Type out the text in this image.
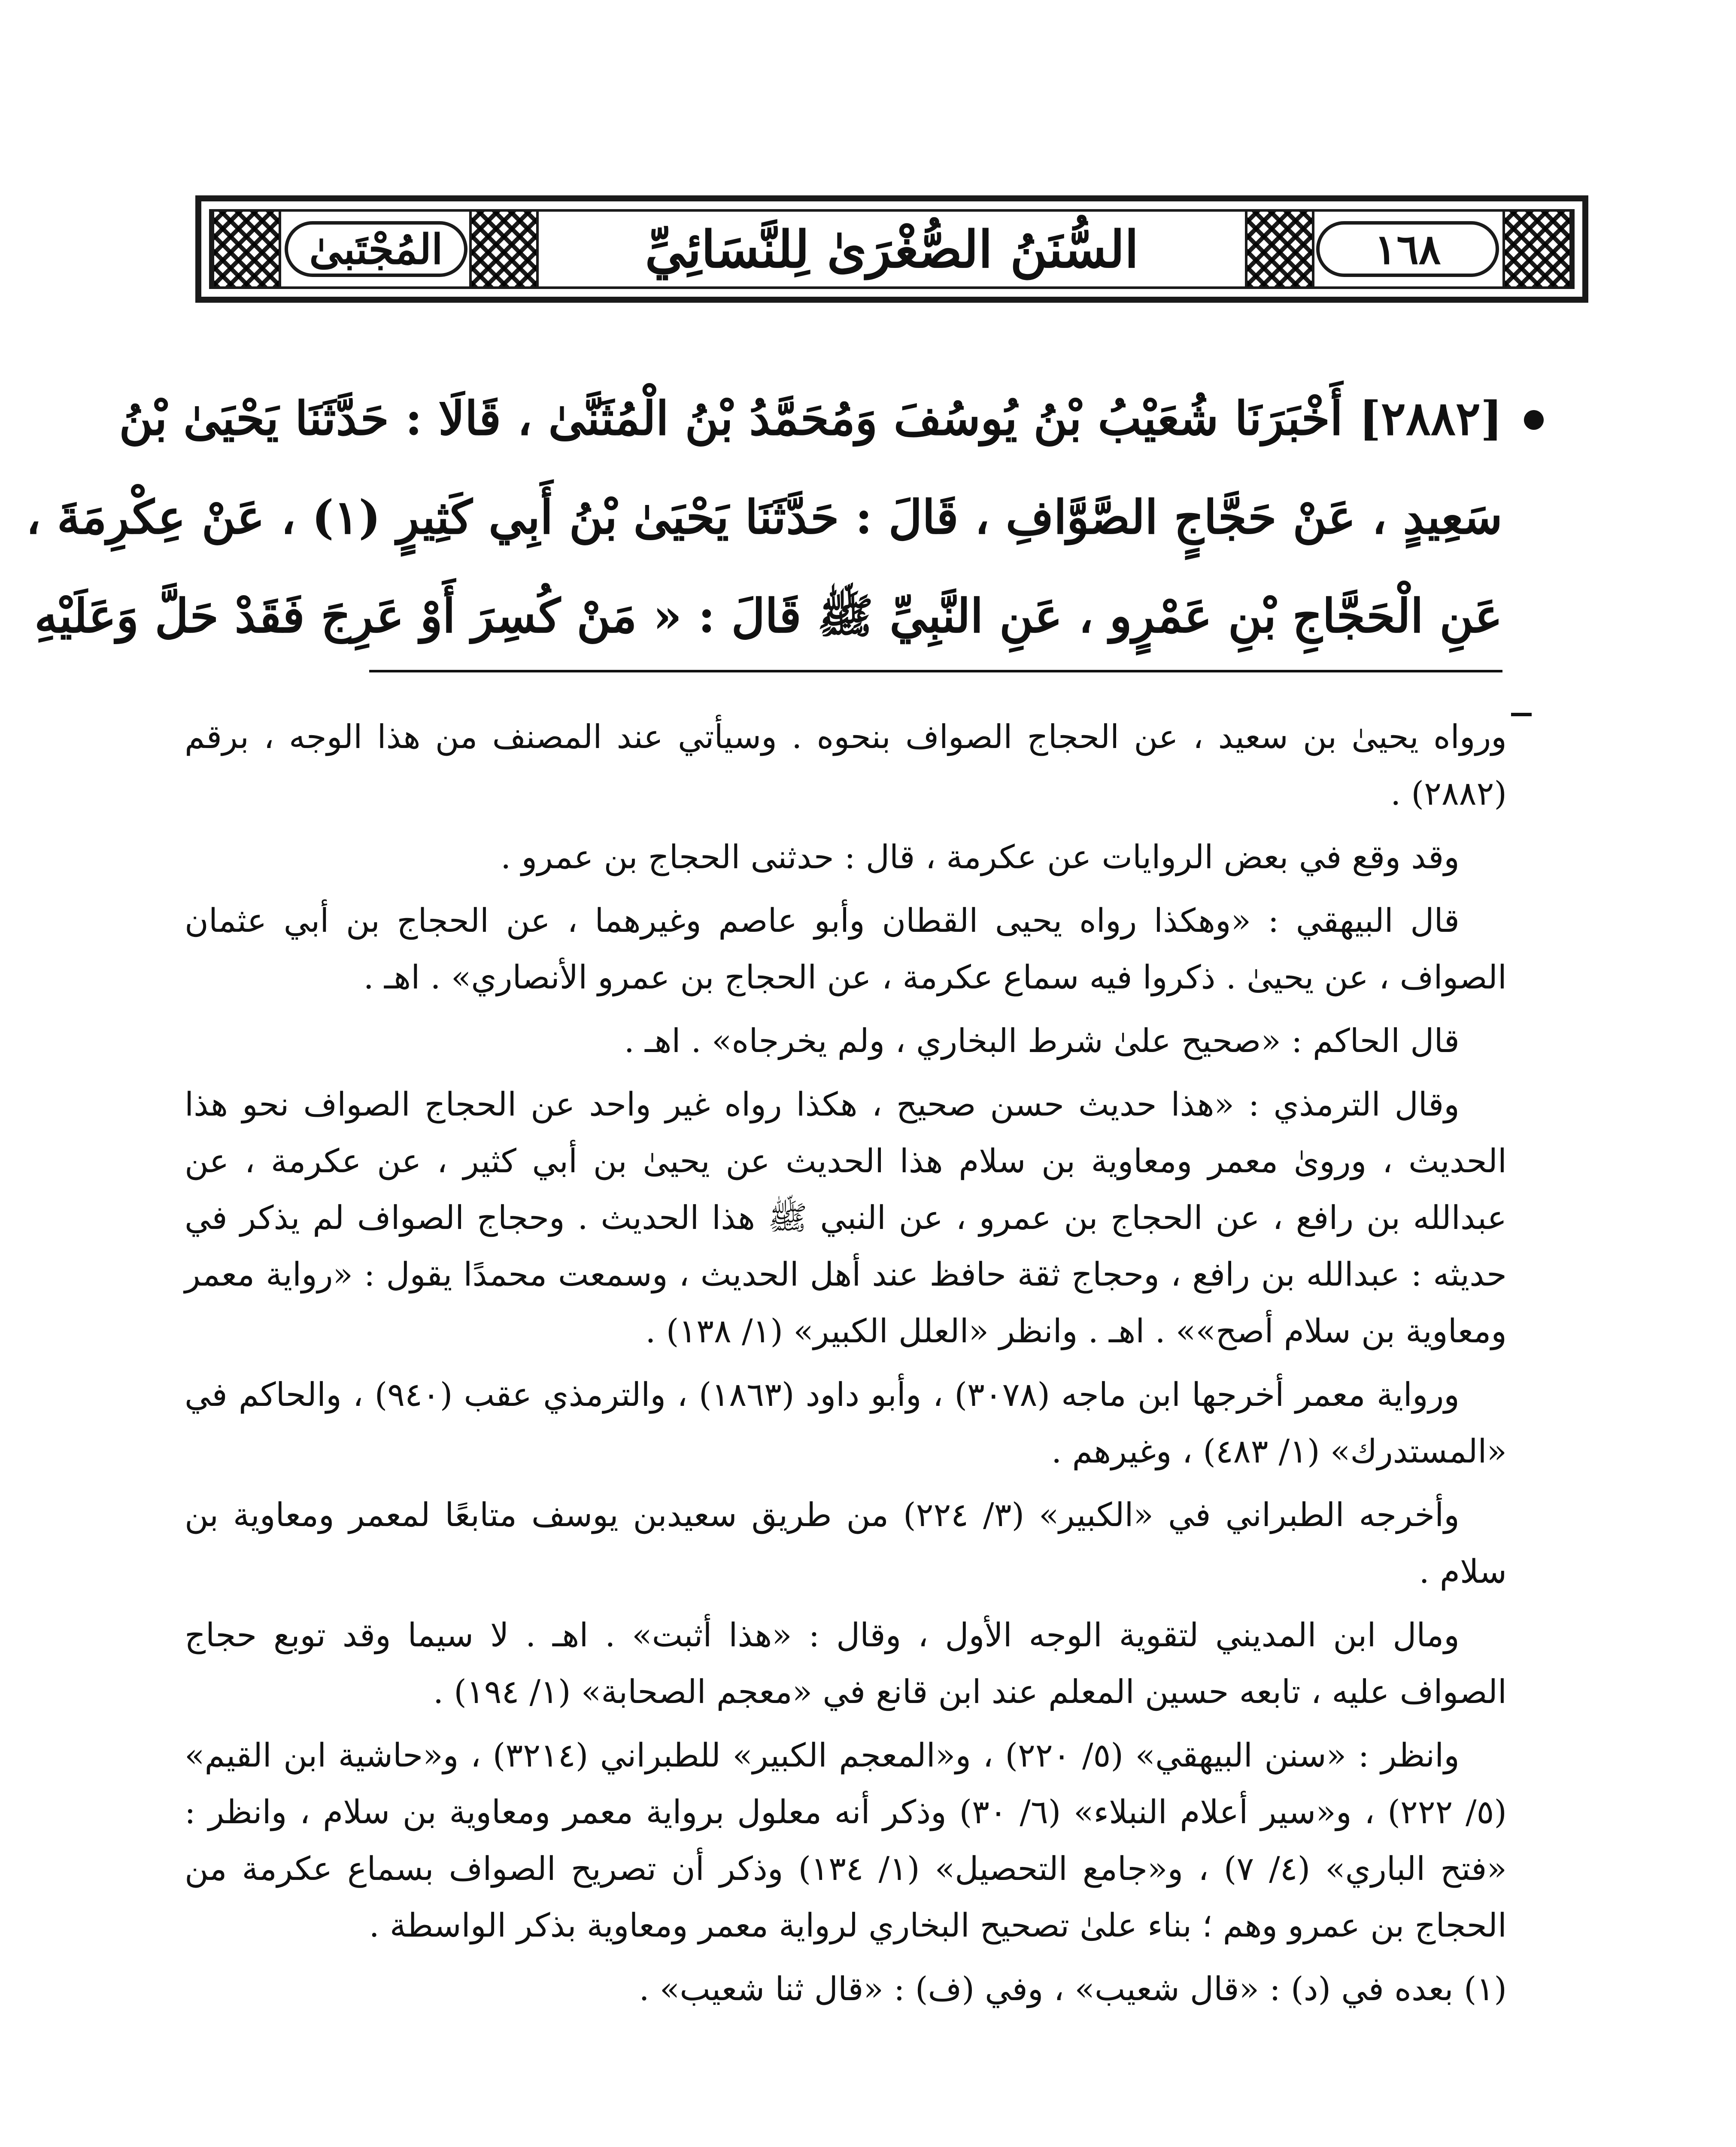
المُجْتَبىٰ	السُّنَنُ الصُّغْرَىٰ لِلنَّسَائِيِّ	١٦٨

[٢٨٨٢] أَخْبَرَنَا شُعَيْبُ بْنُ يُوسُفَ وَمُحَمَّدُ بْنُ الْمُثَنَّىٰ ، قَالَا : حَدَّثَنَا يَحْيَىٰ بْنُ

سَعِيدٍ ، عَنْ حَجَّاجٍ الصَّوَّافِ ، قَالَ : حَدَّثَنَا يَحْيَىٰ بْنُ أَبِي كَثِيرٍ (١) ، عَنْ عِكْرِمَةَ ،

عَنِ الْحَجَّاجِ بْنِ عَمْرٍو ، عَنِ النَّبِيِّ ﷺ قَالَ : « مَنْ كُسِرَ أَوْ عَرِجَ فَقَدْ حَلَّ وَعَلَيْهِ

ورواه يحيىٰ بن سعيد ، عن الحجاج الصواف بنحوه . وسيأتي عند المصنف من هذا الوجه ، برقم (٢٨٨٢) .

وقد وقع في بعض الروايات عن عكرمة ، قال : حدثنى الحجاج بن عمرو .

قال البيهقي : «وهكذا رواه يحيى القطان وأبو عاصم وغيرهما ، عن الحجاج بن أبي عثمان الصواف ، عن يحيىٰ . ذكروا فيه سماع عكرمة ، عن الحجاج بن عمرو الأنصاري» . اهـ .

قال الحاكم : «صحيح علىٰ شرط البخاري ، ولم يخرجاه» . اهـ .

وقال الترمذي : «هذا حديث حسن صحيح ، هكذا رواه غير واحد عن الحجاج الصواف نحو هذا الحديث ، وروىٰ معمر ومعاوية بن سلام هذا الحديث عن يحيىٰ بن أبي كثير ، عن عكرمة ، عن عبدالله بن رافع ، عن الحجاج بن عمرو ، عن النبي ﷺ هذا الحديث . وحجاج الصواف لم يذكر في حديثه : عبدالله بن رافع ، وحجاج ثقة حافظ عند أهل الحديث ، وسمعت محمدًا يقول : «رواية معمر ومعاوية بن سلام أصح»» . اهـ . وانظر «العلل الكبير» (١/ ١٣٨) .

ورواية معمر أخرجها ابن ماجه (٣٠٧٨) ، وأبو داود (١٨٦٣) ، والترمذي عقب (٩٤٠) ، والحاكم في «المستدرك» (١/ ٤٨٣) ، وغيرهم .

وأخرجه الطبراني في «الكبير» (٣/ ٢٢٤) من طريق سعيدبن يوسف متابعًا لمعمر ومعاوية بن سلام .

ومال ابن المديني لتقوية الوجه الأول ، وقال : «هذا أثبت» . اهـ . لا سيما وقد توبع حجاج الصواف عليه ، تابعه حسين المعلم عند ابن قانع في «معجم الصحابة» (١/ ١٩٤) .

وانظر : «سنن البيهقي» (٥/ ٢٢٠) ، و«المعجم الكبير» للطبراني (٣٢١٤) ، و«حاشية ابن القيم» (٥/ ٢٢٢) ، و«سير أعلام النبلاء» (٦/ ٣٠) وذكر أنه معلول برواية معمر ومعاوية بن سلام ، وانظر : «فتح الباري» (٤/ ٧) ، و«جامع التحصيل» (١/ ١٣٤) وذكر أن تصريح الصواف بسماع عكرمة من الحجاج بن عمرو وهم ؛ بناء علىٰ تصحيح البخاري لرواية معمر ومعاوية بذكر الواسطة .

(١) بعده في (د) : «قال شعيب» ، وفي (ف) : «قال ثنا شعيب» .
